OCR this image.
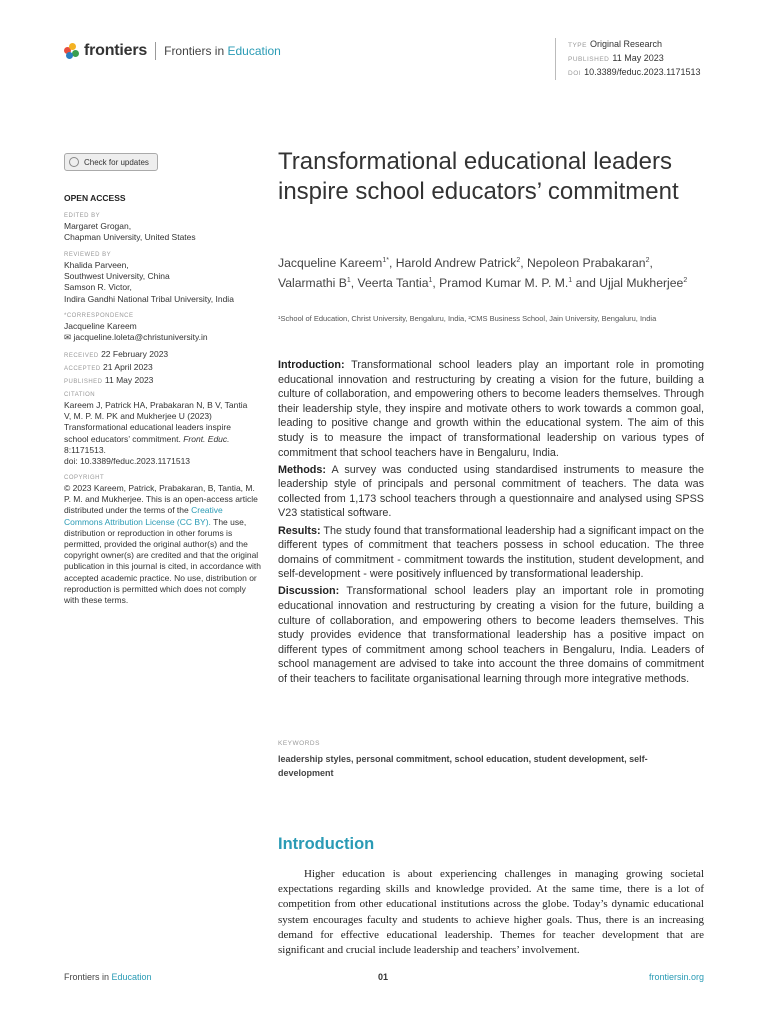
frontiers Frontiers in Education	TYPE Original Research
PUBLISHED 11 May 2023
DOI 10.3389/feduc.2023.1171513
Check for updates
OPEN ACCESS
EDITED BY
Margaret Grogan,
Chapman University, United States
REVIEWED BY
Khalida Parveen,
Southwest University, China
Samson R. Victor,
Indira Gandhi National Tribal University, India
*CORRESPONDENCE
Jacqueline Kareem
✉ jacqueline.loleta@christuniversity.in
RECEIVED 22 February 2023
ACCEPTED 21 April 2023
PUBLISHED 11 May 2023
CITATION
Kareem J, Patrick HA, Prabakaran N, B V, Tantia V, M. P. M. PK and Mukherjee U (2023) Transformational educational leaders inspire school educators’ commitment. Front. Educ. 8:1171513.
doi: 10.3389/feduc.2023.1171513
COPYRIGHT
© 2023 Kareem, Patrick, Prabakaran, B, Tantia, M. P. M. and Mukherjee. This is an open-access article distributed under the terms of the Creative Commons Attribution License (CC BY). The use, distribution or reproduction in other forums is permitted, provided the original author(s) and the copyright owner(s) are credited and that the original publication in this journal is cited, in accordance with accepted academic practice. No use, distribution or reproduction is permitted which does not comply with these terms.
Transformational educational leaders inspire school educators’ commitment
Jacqueline Kareem$^{1*}$, Harold Andrew Patrick$^2$, Nepoleon Prabakaran$^2$, Valarmathi $B^1$, Veerta Tantia$^1$, Pramod Kumar M. P. M.$^1$ and Ujjal Mukherjee$^2$
¹School of Education, Christ University, Bengaluru, India, ²CMS Business School, Jain University, Bengaluru, India

Introduction: Transformational school leaders play an important role in promoting educational innovation and restructuring by creating a vision for the future, building a culture of collaboration, and empowering others to become leaders themselves. Through their leadership style, they inspire and motivate others to work towards a common goal, leading to positive change and growth within the educational system. The aim of this study is to measure the impact of transformational leadership on various types of commitment that school teachers have in Bengaluru, India.

Methods: A survey was conducted using standardised instruments to measure the leadership style of principals and personal commitment of teachers. The data was collected from 1,173 school teachers through a questionnaire and analysed using SPSS V23 statistical software.

Results: The study found that transformational leadership had a significant impact on the different types of commitment that teachers possess in school education. The three domains of commitment - commitment towards the institution, student development, and self-development - were positively influenced by transformational leadership.

Discussion: Transformational school leaders play an important role in promoting educational innovation and restructuring by creating a vision for the future, building a culture of collaboration, and empowering others to become leaders themselves. This study provides evidence that transformational leadership has a positive impact on different types of commitment among school teachers in Bengaluru, India. Leaders of school management are advised to take into account the three domains of commitment of their teachers to facilitate organisational learning through more integrative methods.

KEYWORDS
leadership styles, personal commitment, school education, student development, self-development
Introduction

Higher education is about experiencing challenges in managing growing societal expectations regarding skills and knowledge provided. At the same time, there is a lot of competition from other educational institutions across the globe. Today’s dynamic educational system encourages faculty and students to achieve higher goals. Thus, there is an increasing demand for effective educational leadership. Themes for teacher development that are significant and crucial include leadership and teachers’ involvement.

Frontiers in Education	01	frontiersin.org
